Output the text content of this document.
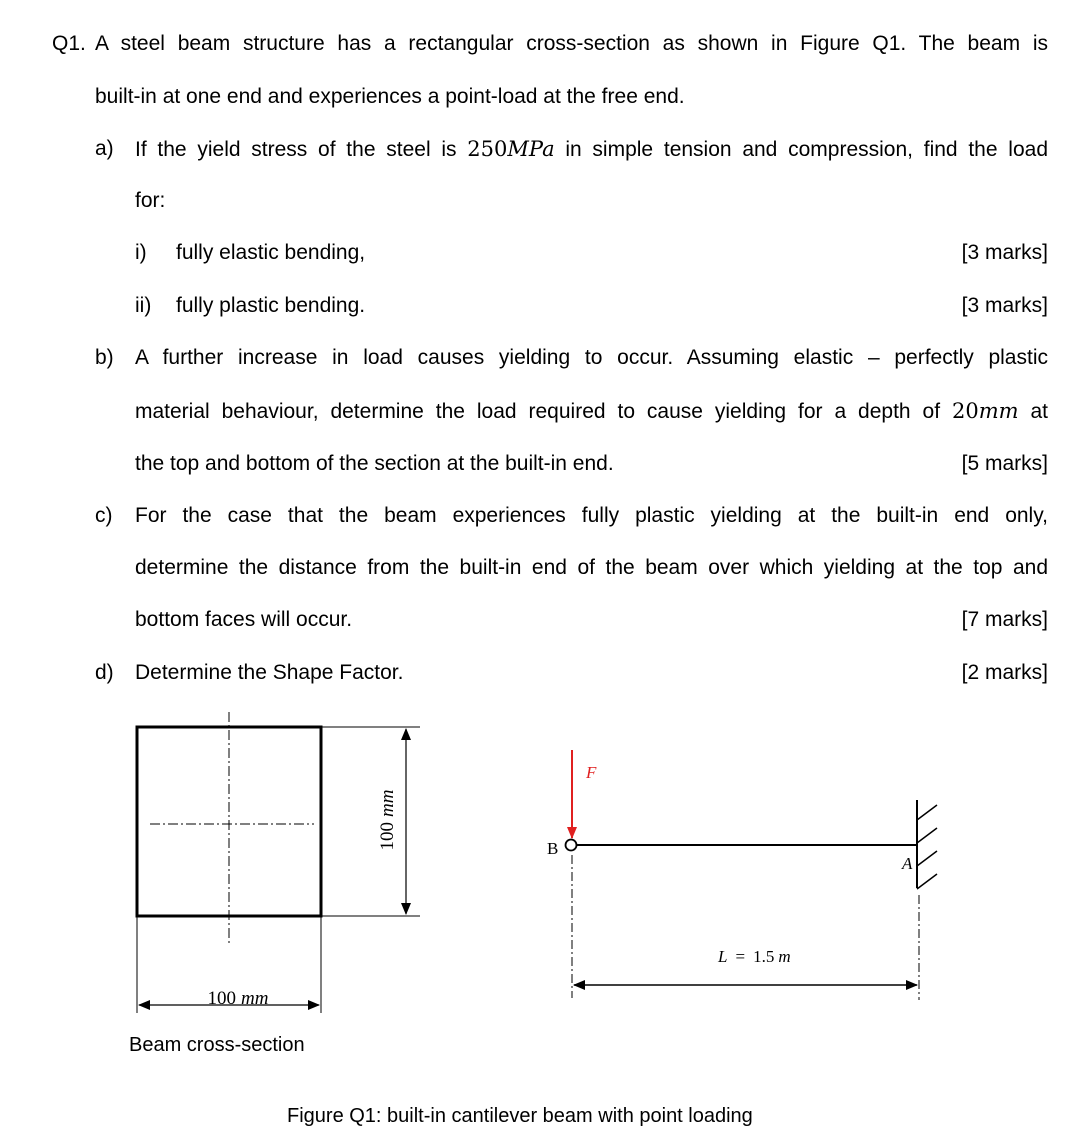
Q1. A steel beam structure has a rectangular cross-section as shown in Figure Q1. The beam is
built-in at one end and experiences a point-load at the free end.
a) If the yield stress of the steel is 250MPa in simple tension and compression, find the load
for:
i) fully elastic bending,	[3 marks]
ii) fully plastic bending.	[3 marks]
b) A further increase in load causes yielding to occur. Assuming elastic – perfectly plastic
material behaviour, determine the load required to cause yielding for a depth of 20mm at
the top and bottom of the section at the built-in end.	[5 marks]
c) For the case that the beam experiences fully plastic yielding at the built-in end only,
determine the distance from the built-in end of the beam over which yielding at the top and
bottom faces will occur.	[7 marks]
d) Determine the Shape Factor.	[2 marks]
100mm
100 mm
F
B
A
L = 1.5 m
Beam cross-section
Figure Q1: built-in cantilever beam with point loading
